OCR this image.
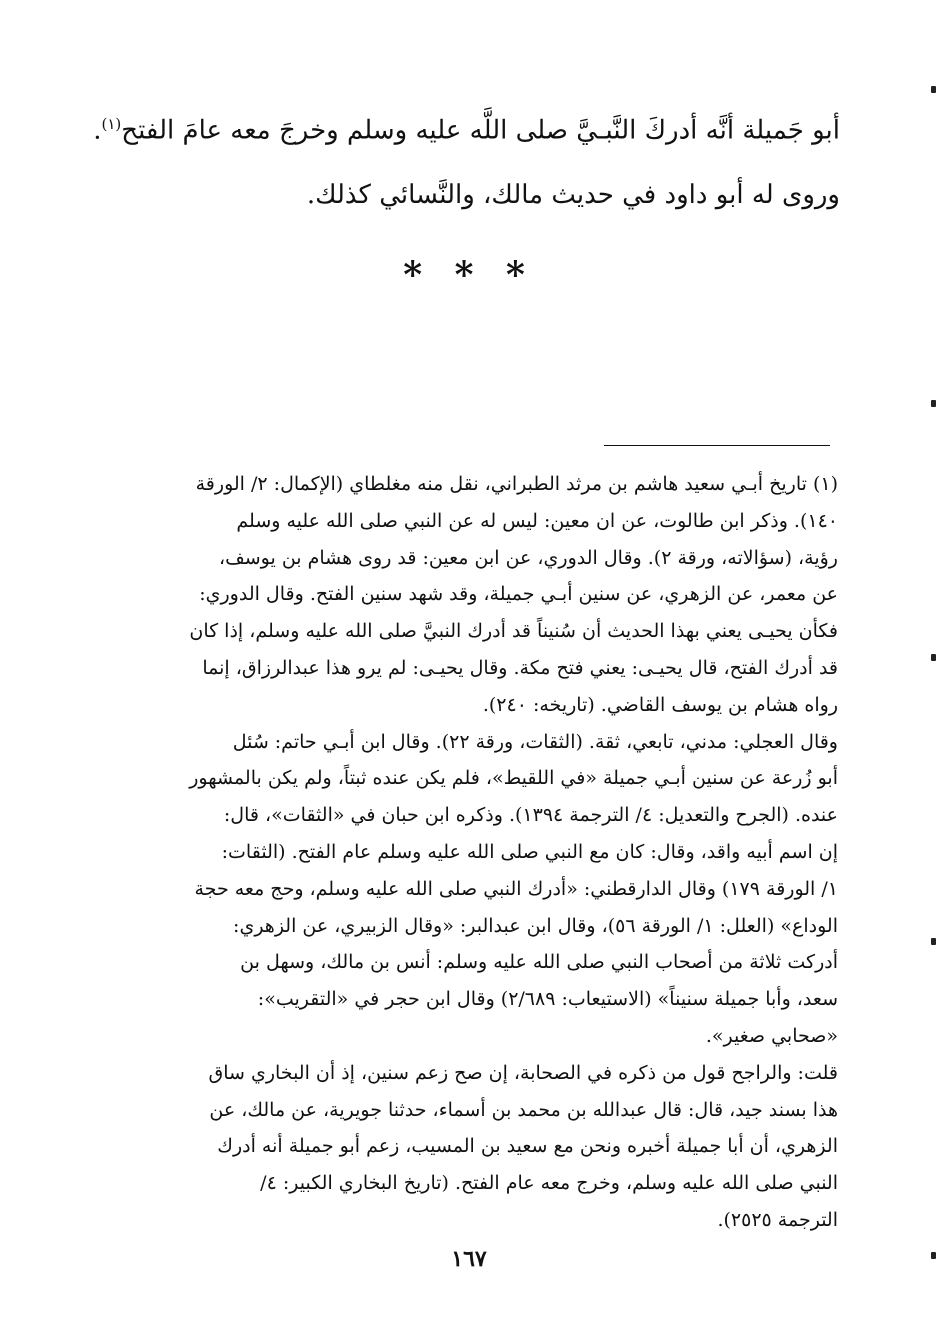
أبو جَميلة أنَّه أدركَ النَّبـيَّ صلى اللَّه عليه وسلم وخرجَ معه عامَ الفتح$^{(١)}$.
وروى له أبو داود في حديث مالك، والنَّسائي كذلك.
* * *
(١) تاريخ أبـي سعيد هاشم بن مرثد الطبراني، نقل منه مغلطاي (الإكمال: ٢/ الورقة
١٤٠). وذكر ابن طالوت، عن ان معين: ليس له عن النبي صلى الله عليه وسلم
رؤية، (سؤالاته، ورقة ٢). وقال الدوري، عن ابن معين: قد روى هشام بن يوسف،
عن معمر، عن الزهري، عن سنين أبـي جميلة، وقد شهد سنين الفتح. وقال الدوري:
فكأن يحيـى يعني بهذا الحديث أن سُنيناً قد أدرك النبيَّ صلى الله عليه وسلم، إذا كان
قد أدرك الفتح، قال يحيـى: يعني فتح مكة. وقال يحيـى: لم يرو هذا عبدالرزاق، إنما
رواه هشام بن يوسف القاضي. (تاريخه: ٢٤٠).
وقال العجلي: مدني، تابعي، ثقة. (الثقات، ورقة ٢٢). وقال ابن أبـي حاتم: سُئل
أبو زُرعة عن سنين أبـي جميلة «في اللقيط»، فلم يكن عنده ثبتاً، ولم يكن بالمشهور
عنده. (الجرح والتعديل: ٤/ الترجمة ١٣٩٤). وذكره ابن حبان في «الثقات»، قال:
إن اسم أبيه واقد، وقال: كان مع النبي صلى الله عليه وسلم عام الفتح. (الثقات:
١/ الورقة ١٧٩) وقال الدارقطني: «أدرك النبي صلى الله عليه وسلم، وحج معه حجة
الوداع» (العلل: ١/ الورقة ٥٦)، وقال ابن عبدالبر: «وقال الزبيري، عن الزهري:
أدركت ثلاثة من أصحاب النبي صلى الله عليه وسلم: أنس بن مالك، وسهل بن
سعد، وأبا جميلة سنيناً» (الاستيعاب: ٢/٦٨٩) وقال ابن حجر في «التقريب»:
«صحابي صغير».
قلت: والراجح قول من ذكره في الصحابة، إن صح زعم سنين، إذ أن البخاري ساق
هذا بسند جيد، قال: قال عبدالله بن محمد بن أسماء، حدثنا جويرية، عن مالك، عن
الزهري، أن أبا جميلة أخبره ونحن مع سعيد بن المسيب، زعم أبو جميلة أنه أدرك
النبي صلى الله عليه وسلم، وخرج معه عام الفتح. (تاريخ البخاري الكبير: ٤/
الترجمة ٢٥٢٥).
١٦٧
